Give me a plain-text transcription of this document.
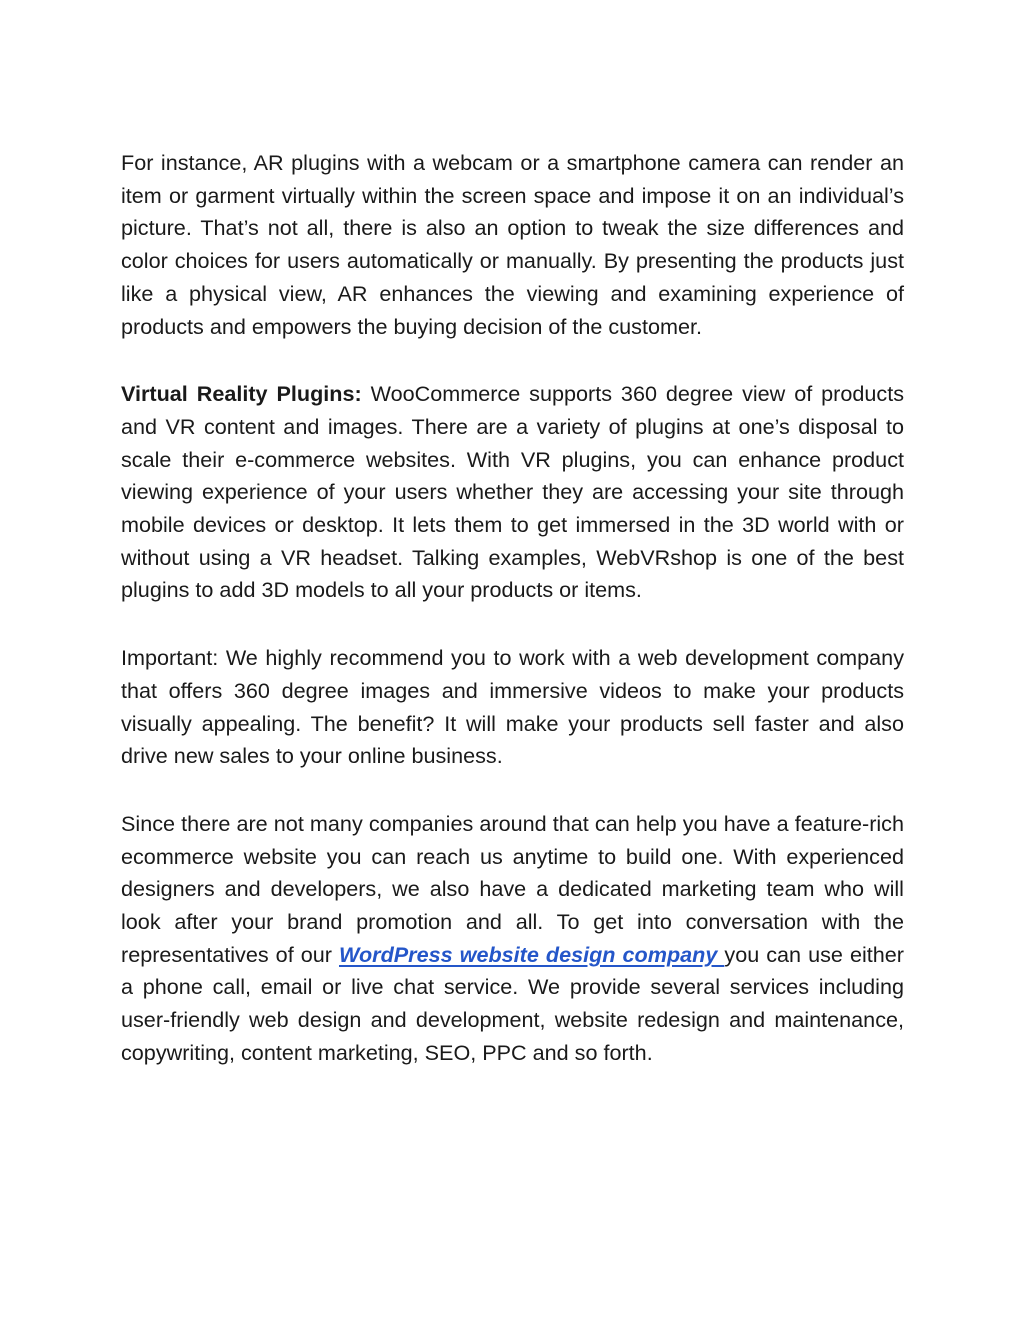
For instance, AR plugins with a webcam or a smartphone camera can render an item or garment virtually within the screen space and impose it on an individual’s picture. That’s not all, there is also an option to tweak the size differences and color choices for users automatically or manually. By presenting the products just like a physical view, AR enhances the viewing and examining experience of products and empowers the buying decision of the customer.

Virtual Reality Plugins: WooCommerce supports 360 degree view of products and VR content and images. There are a variety of plugins at one’s disposal to scale their e-commerce websites. With VR plugins, you can enhance product viewing experience of your users whether they are accessing your site through mobile devices or desktop. It lets them to get immersed in the 3D world with or without using a VR headset. Talking examples, WebVRshop is one of the best plugins to add 3D models to all your products or items.

Important: We highly recommend you to work with a web development company that offers 360 degree images and immersive videos to make your products visually appealing. The benefit? It will make your products sell faster and also drive new sales to your online business.

Since there are not many companies around that can help you have a feature-rich ecommerce website you can reach us anytime to build one. With experienced designers and developers, we also have a dedicated marketing team who will look after your brand promotion and all. To get into conversation with the representatives of our WordPress website design company you can use either a phone call, email or live chat service. We provide several services including user-friendly web design and development, website redesign and maintenance, copywriting, content marketing, SEO, PPC and so forth.
